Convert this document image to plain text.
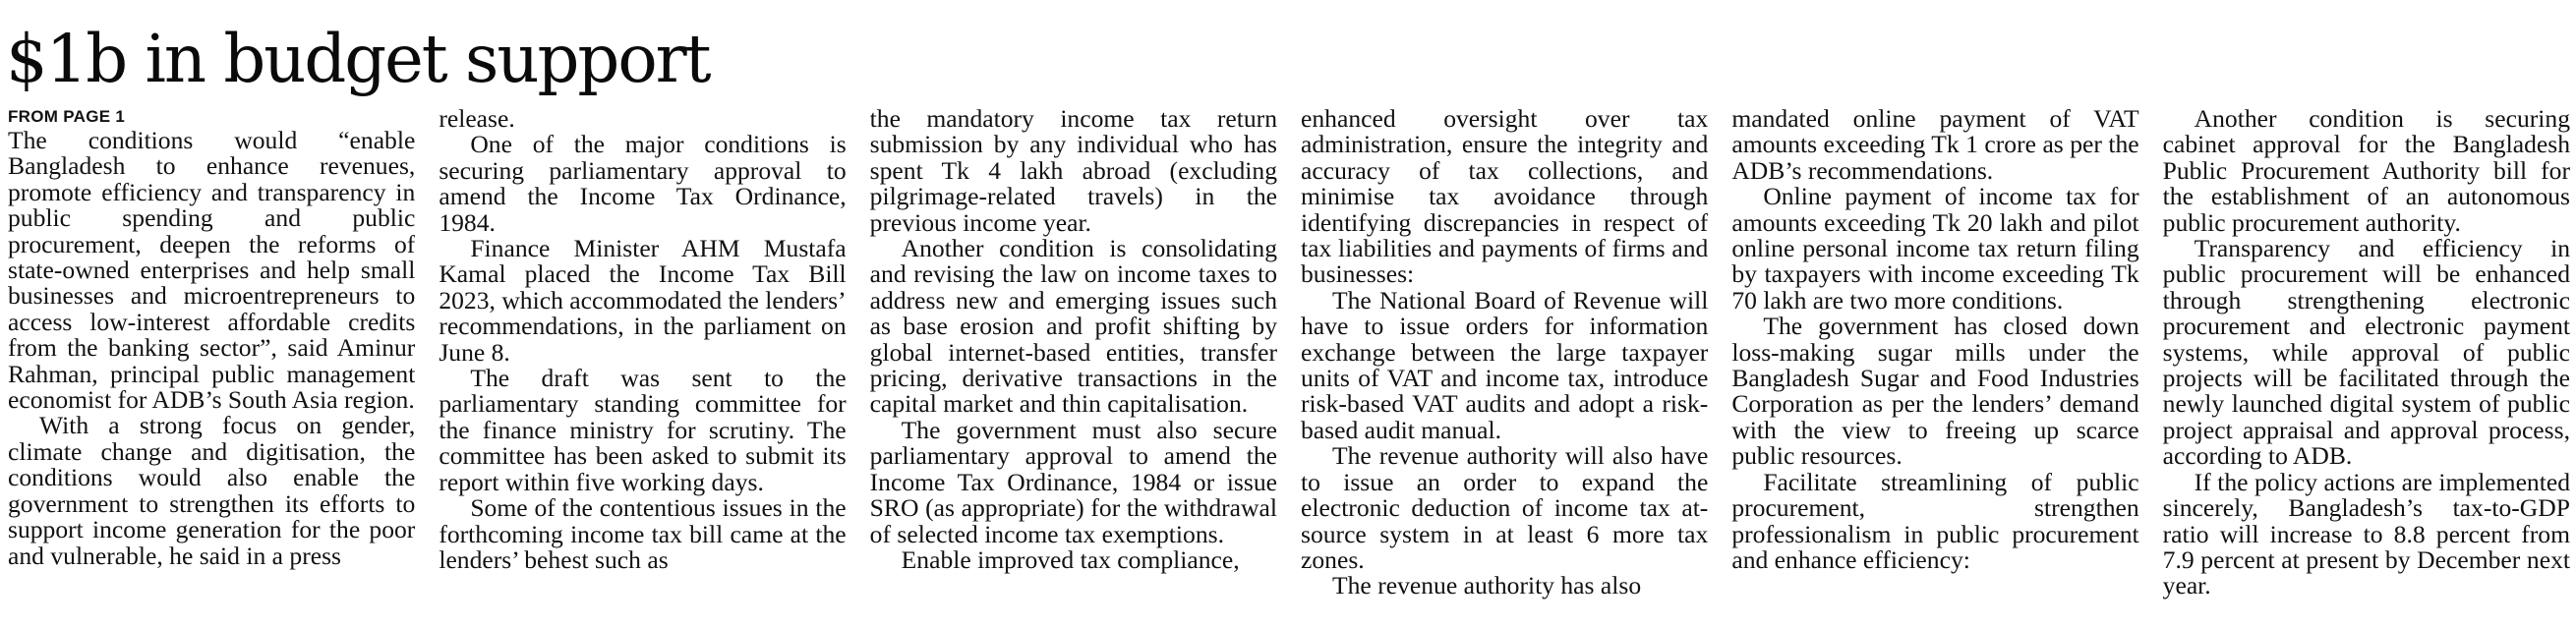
$1b in budget support
FROM PAGE 1

The conditions would “enable Bangladesh to enhance revenues, promote efficiency and transparency in public spending and public procurement, deepen the reforms of state-owned enterprises and help small businesses and microentrepreneurs to access low-interest affordable credits from the banking sector”, said Aminur Rahman, principal public management economist for ADB’s South Asia region.

With a strong focus on gender, climate change and digitisation, the conditions would also enable the government to strengthen its efforts to support income generation for the poor and vulnerable, he said in a press

release.

One of the major conditions is securing parliamentary approval to amend the Income Tax Ordinance, 1984.

Finance Minister AHM Mustafa Kamal placed the Income Tax Bill 2023, which accommodated the lenders’ recommendations, in the parliament on June 8.

The draft was sent to the parliamentary standing committee for the finance ministry for scrutiny. The committee has been asked to submit its report within five working days.

Some of the contentious issues in the forthcoming income tax bill came at the lenders’ behest such as

the mandatory income tax return submission by any individual who has spent Tk 4 lakh abroad (excluding pilgrimage-related travels) in the previous income year.

Another condition is consolidating and revising the law on income taxes to address new and emerging issues such as base erosion and profit shifting by global internet-based entities, transfer pricing, derivative transactions in the capital market and thin capitalisation.

The government must also secure parliamentary approval to amend the Income Tax Ordinance, 1984 or issue SRO (as appropriate) for the withdrawal of selected income tax exemptions.

Enable improved tax compliance,

enhanced oversight over tax administration, ensure the integrity and accuracy of tax collections, and minimise tax avoidance through identifying discrepancies in respect of tax liabilities and payments of firms and businesses:

The National Board of Revenue will have to issue orders for information exchange between the large taxpayer units of VAT and income tax, introduce risk-based VAT audits and adopt a risk-based audit manual.

The revenue authority will also have to issue an order to expand the electronic deduction of income tax at-source system in at least 6 more tax zones.

The revenue authority has also

mandated online payment of VAT amounts exceeding Tk 1 crore as per the ADB’s recommendations.

Online payment of income tax for amounts exceeding Tk 20 lakh and pilot online personal income tax return filing by taxpayers with income exceeding Tk 70 lakh are two more conditions.

The government has closed down loss-making sugar mills under the Bangladesh Sugar and Food Industries Corporation as per the lenders’ demand with the view to freeing up scarce public resources.

Facilitate streamlining of public procurement, strengthen professionalism in public procurement and enhance efficiency:

Another condition is securing cabinet approval for the Bangladesh Public Procurement Authority bill for the establishment of an autonomous public procurement authority.

Transparency and efficiency in public procurement will be enhanced through strengthening electronic procurement and electronic payment systems, while approval of public projects will be facilitated through the newly launched digital system of public project appraisal and approval process, according to ADB.

If the policy actions are implemented sincerely, Bangladesh’s tax-to-GDP ratio will increase to 8.8 percent from 7.9 percent at present by December next year.
